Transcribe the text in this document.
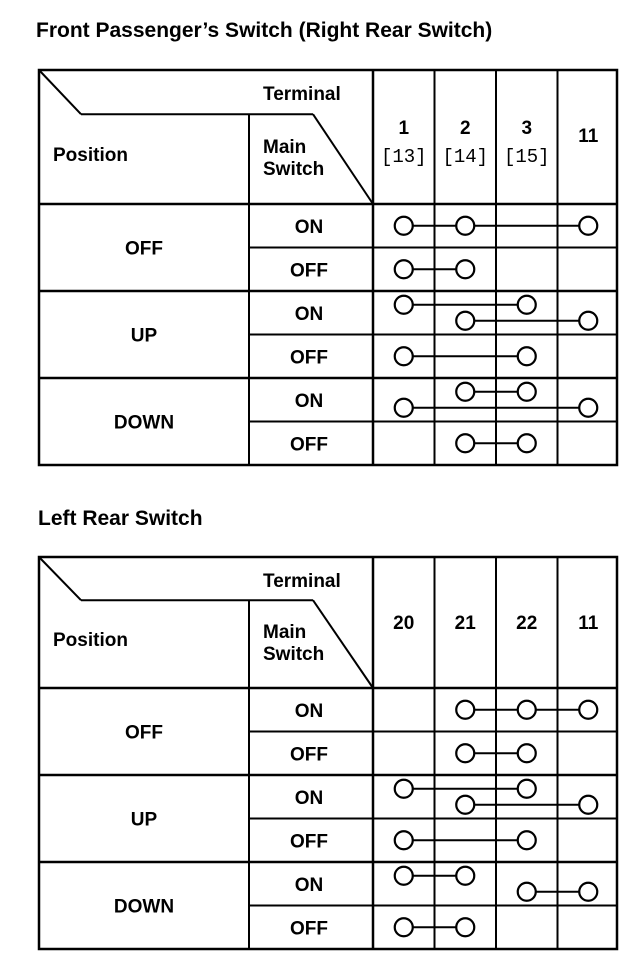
Front Passenger’s Switch (Right Rear Switch)
Terminal
Position	Main
Switch
1
[13]
2
[14]
3
[15]
11
OFF
ON
OFF
UP
ON
OFF
DOWN
ON
OFF
Left Rear Switch
Terminal
Position	Main
Switch
20 21 22 11
OFF
ON
OFF
UP
ON
OFF
DOWN
ON
OFF
